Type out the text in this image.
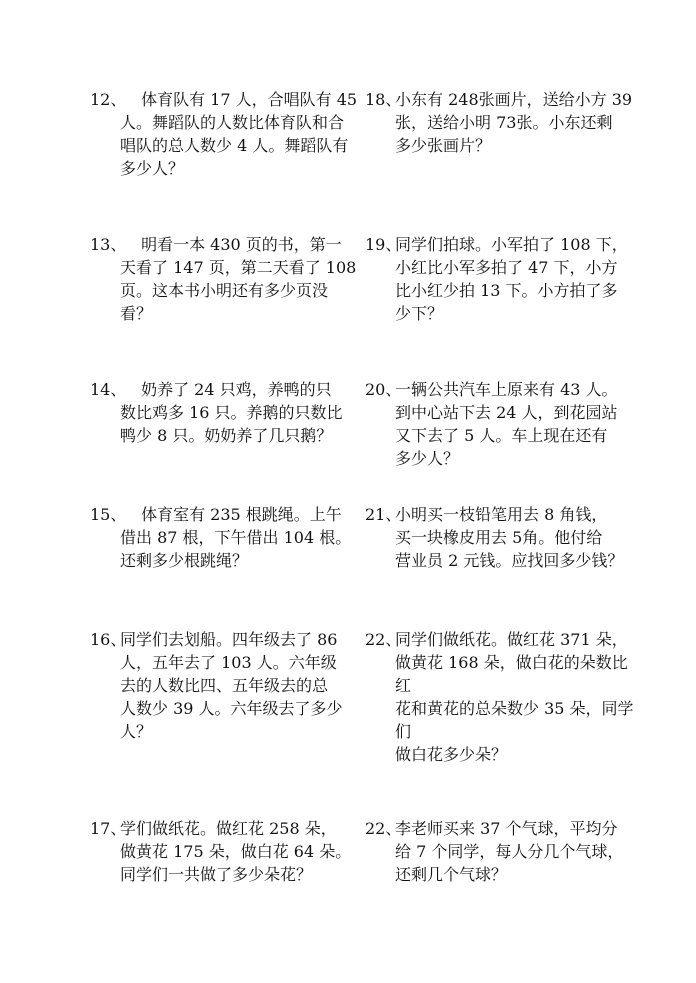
12、 　 体育队有 17 人，合唱队有 45
人。舞蹈队的人数比体育队和合
唱队的总人数少 4 人。舞蹈队有
多少人？
13、 　 明看一本 430 页的书，第一
天看了 147 页，第二天看了 108
页。这本书小明还有多少页没
看？
14、 　 奶养了 24 只鸡，养鸭的只
数比鸡多 16 只。养鹅的只数比
鸭少 8 只。奶奶养了几只鹅？
15、 　 体育室有 235 根跳绳。上午
借出 87 根，下午借出 104 根。
还剩多少根跳绳？
16、
同学们去划船。四年级去了 86
人，五年去了 103 人。六年级
去的人数比四、五年级去的总
人数少 39 人。六年级去了多少
人？
17、
学们做纸花。做红花 258 朵，
做黄花 175 朵，做白花 64 朵。
同学们一共做了多少朵花？
18、
小东有 248张画片，送给小方 39
张，送给小明 73张。小东还剩
多少张画片？
19、
同学们拍球。小军拍了 108 下，
小红比小军多拍了 47 下，小方
比小红少拍 13 下。小方拍了多
少下？
20、
一辆公共汽车上原来有 43 人。
到中心站下去 24 人，到花园站
又下去了 5 人。车上现在还有
多少人？
21、
小明买一枝铅笔用去 8 角钱，
买一块橡皮用去 5角。他付给
营业员 2 元钱。应找回多少钱？
22、
同学们做纸花。做红花 371 朵，
做黄花 168 朵，做白花的朵数比红
花和黄花的总朵数少 35 朵，同学们
做白花多少朵？
22、
李老师买来 37 个气球，平均分
给 7 个同学，每人分几个气球，
还剩几个气球？
